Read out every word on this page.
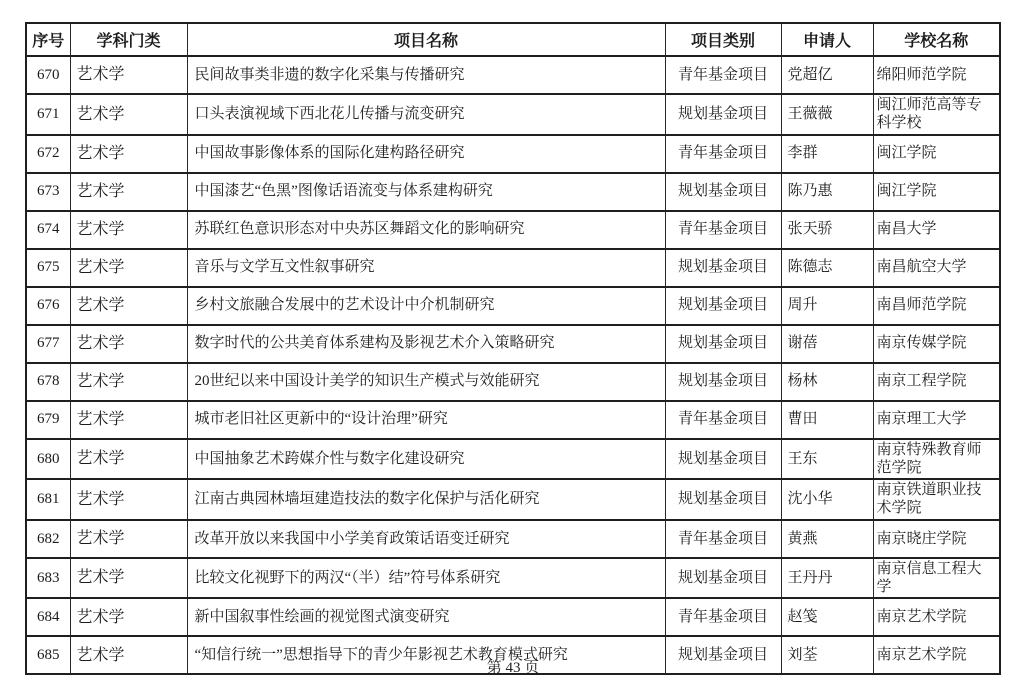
序号	学科门类	项目名称	项目类别	申请人	学校名称
670	艺术学	民间故事类非遗的数字化采集与传播研究	青年基金项目	党超亿	绵阳师范学院
671	艺术学	口头表演视域下西北花儿传播与流变研究	规划基金项目	王薇薇	闽江师范高等专科学校
672	艺术学	中国故事影像体系的国际化建构路径研究	青年基金项目	李群	闽江学院
673	艺术学	中国漆艺“色黑”图像话语流变与体系建构研究	规划基金项目	陈乃惠	闽江学院
674	艺术学	苏联红色意识形态对中央苏区舞蹈文化的影响研究	青年基金项目	张天骄	南昌大学
675	艺术学	音乐与文学互文性叙事研究	规划基金项目	陈德志	南昌航空大学
676	艺术学	乡村文旅融合发展中的艺术设计中介机制研究	规划基金项目	周升	南昌师范学院
677	艺术学	数字时代的公共美育体系建构及影视艺术介入策略研究	规划基金项目	谢蓓	南京传媒学院
678	艺术学	20世纪以来中国设计美学的知识生产模式与效能研究	规划基金项目	杨林	南京工程学院
679	艺术学	城市老旧社区更新中的“设计治理”研究	青年基金项目	曹田	南京理工大学
680	艺术学	中国抽象艺术跨媒介性与数字化建设研究	规划基金项目	王东	南京特殊教育师范学院
681	艺术学	江南古典园林墙垣建造技法的数字化保护与活化研究	规划基金项目	沈小华	南京铁道职业技术学院
682	艺术学	改革开放以来我国中小学美育政策话语变迁研究	青年基金项目	黄燕	南京晓庄学院
683	艺术学	比较文化视野下的两汉“（半）结”符号体系研究	规划基金项目	王丹丹	南京信息工程大学
684	艺术学	新中国叙事性绘画的视觉图式演变研究	青年基金项目	赵笺	南京艺术学院
685	艺术学	“知信行统一”思想指导下的青少年影视艺术教育模式研究	规划基金项目	刘荃	南京艺术学院
第 43 页
